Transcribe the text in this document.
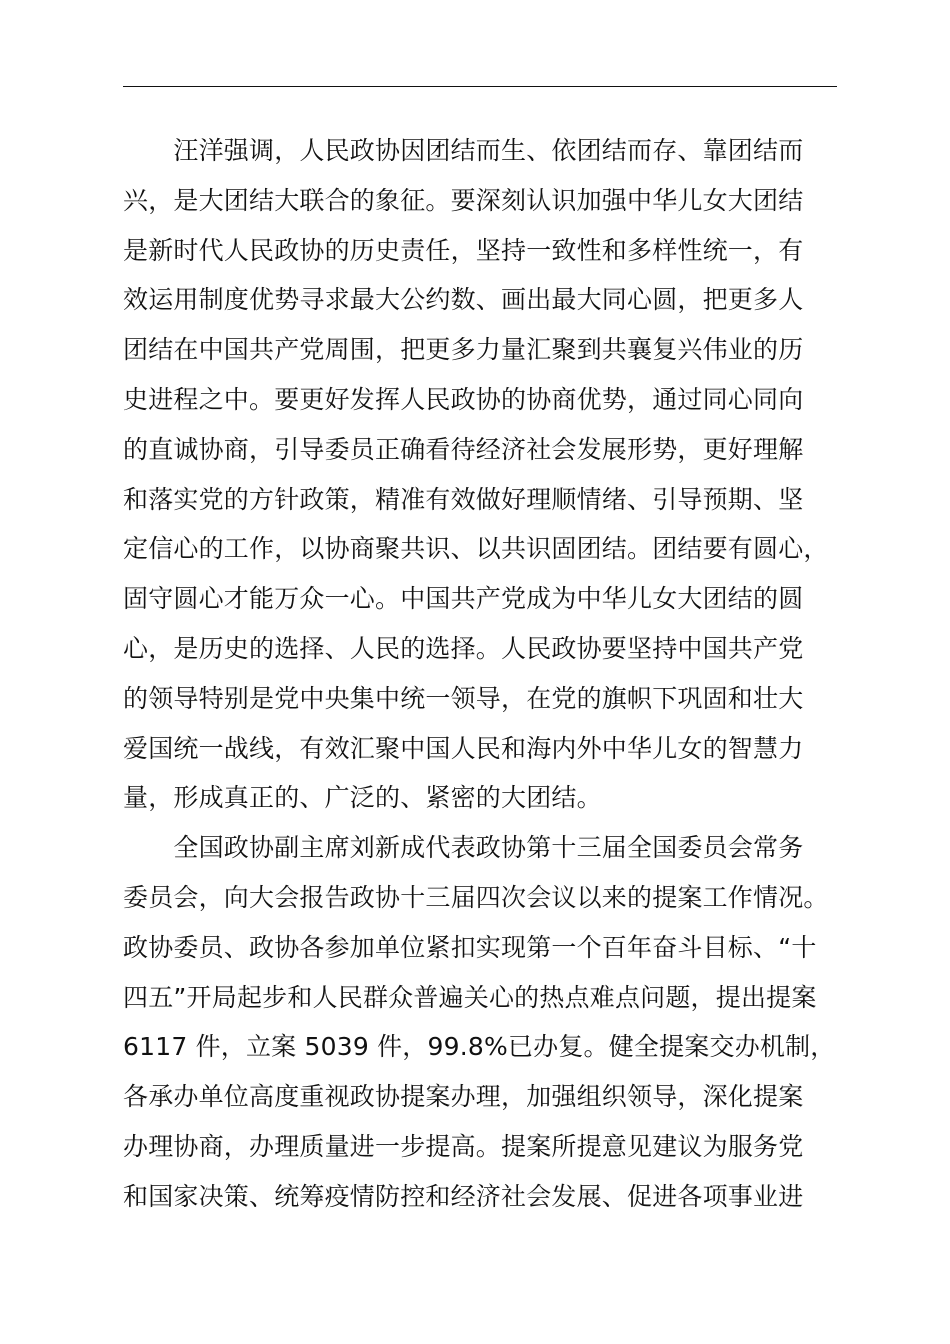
　　汪洋强调，人民政协因团结而生、依团结而存、靠团结而
兴，是大团结大联合的象征。要深刻认识加强中华儿女大团结
是新时代人民政协的历史责任，坚持一致性和多样性统一，有
效运用制度优势寻求最大公约数、画出最大同心圆，把更多人
团结在中国共产党周围，把更多力量汇聚到共襄复兴伟业的历
史进程之中。要更好发挥人民政协的协商优势，通过同心同向
的直诚协商，引导委员正确看待经济社会发展形势，更好理解
和落实党的方针政策，精准有效做好理顺情绪、引导预期、坚
定信心的工作，以协商聚共识、以共识固团结。团结要有圆心，
固守圆心才能万众一心。中国共产党成为中华儿女大团结的圆
心，是历史的选择、人民的选择。人民政协要坚持中国共产党
的领导特别是党中央集中统一领导，在党的旗帜下巩固和壮大
爱国统一战线，有效汇聚中国人民和海内外中华儿女的智慧力
量，形成真正的、广泛的、紧密的大团结。
　　全国政协副主席刘新成代表政协第十三届全国委员会常务
委员会，向大会报告政协十三届四次会议以来的提案工作情况。
政协委员、政协各参加单位紧扣实现第一个百年奋斗目标、“十
四五”开局起步和人民群众普遍关心的热点难点问题，提出提案
6117 件，立案 5039 件，99.8%已办复。健全提案交办机制，
各承办单位高度重视政协提案办理，加强组织领导，深化提案
办理协商，办理质量进一步提高。提案所提意见建议为服务党
和国家决策、统筹疫情防控和经济社会发展、促进各项事业进
